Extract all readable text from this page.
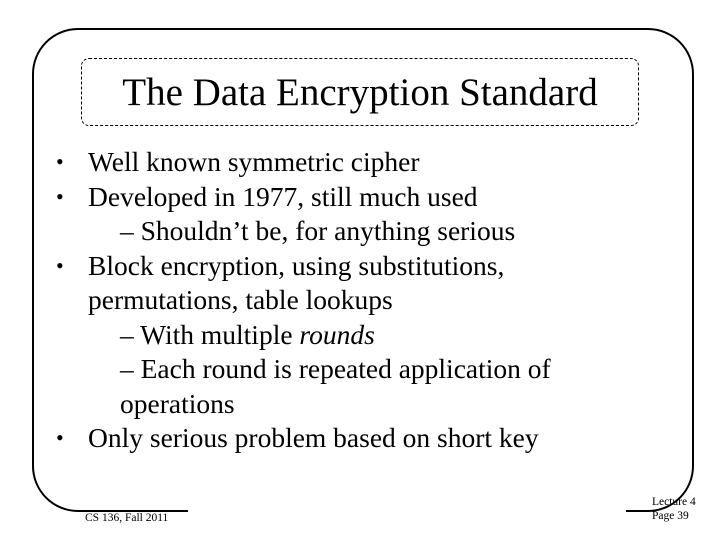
The Data Encryption Standard
• Well known symmetric cipher
• Developed in 1977, still much used
– Shouldn’t be, for anything serious
• Block encryption, using substitutions,
permutations, table lookups
– With multiple rounds
– Each round is repeated application of
operations
• Only serious problem based on short key
CS 136, Fall 2011
Lecture 4
Page 39
